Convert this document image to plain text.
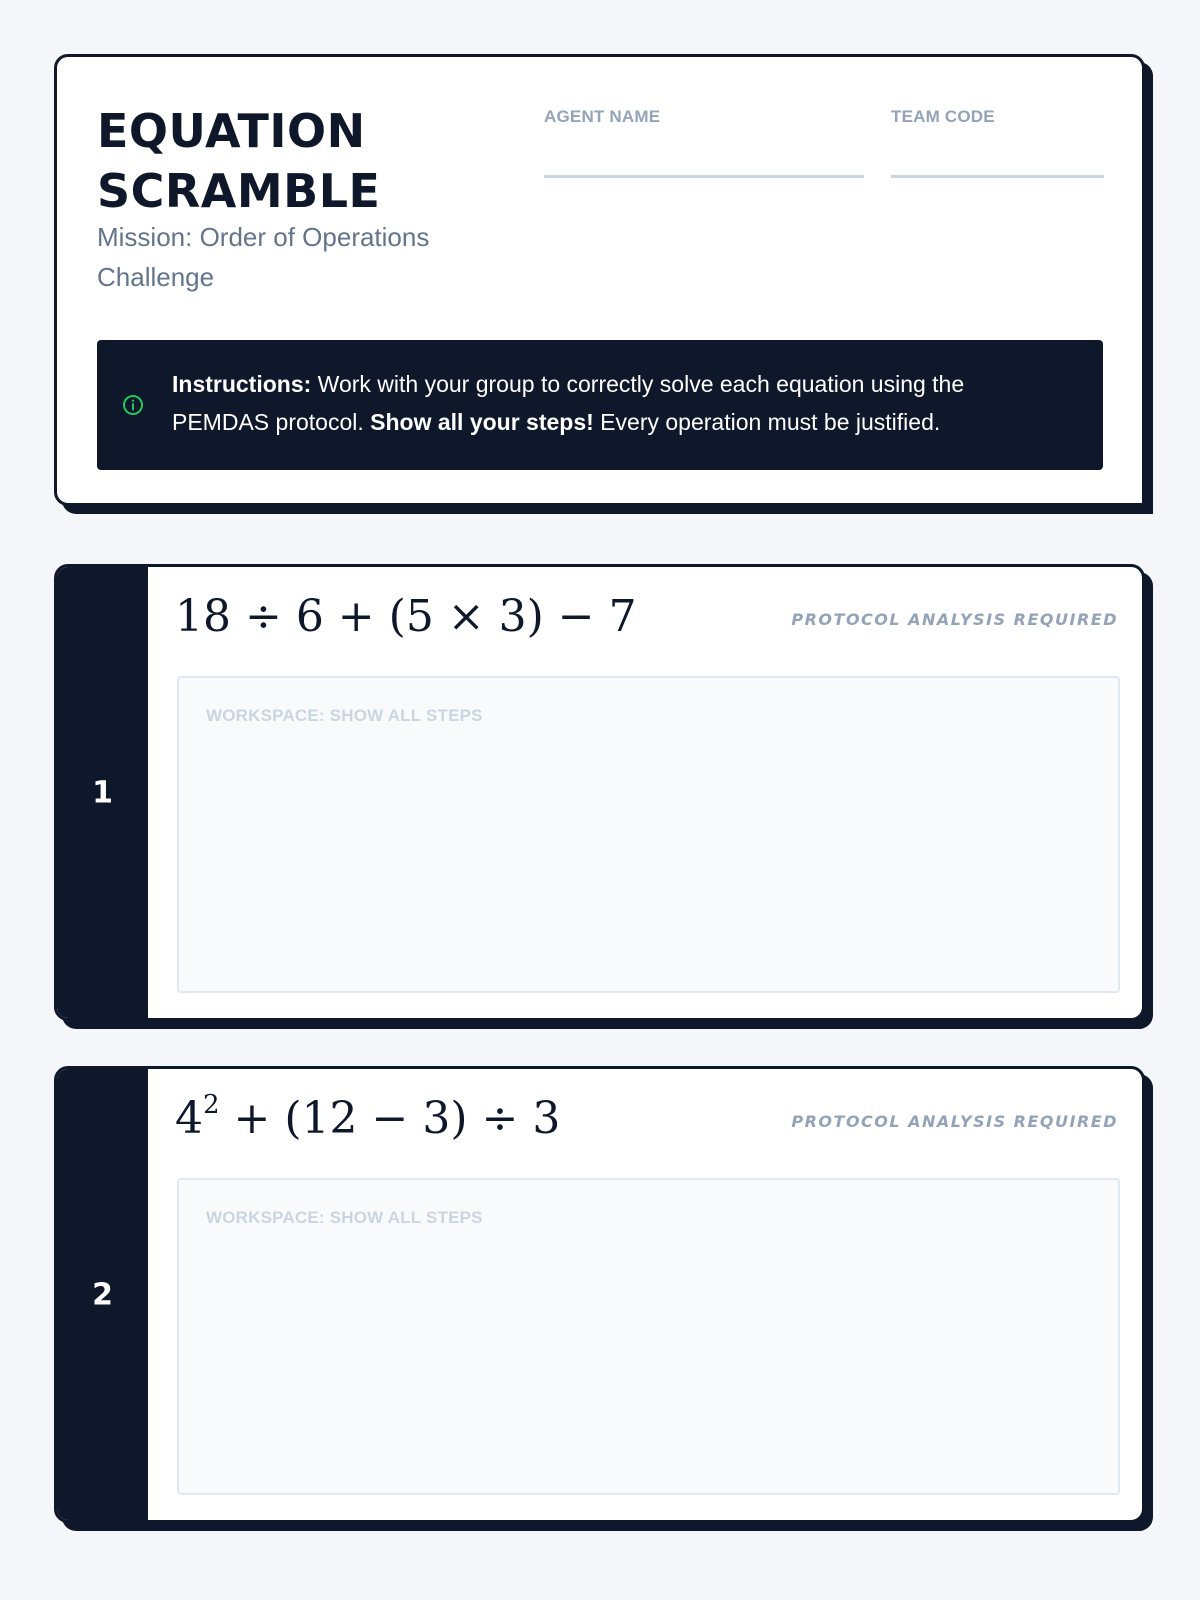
EQUATION
SCRAMBLE
Mission: Order of Operations Challenge
AGENT NAME	TEAM CODE
Instructions: Work with your group to correctly solve each equation using the PEMDAS protocol. Show all your steps! Every operation must be justified.
1
18 ÷ 6 + (5 × 3) − 7	PROTOCOL ANALYSIS REQUIRED
WORKSPACE: SHOW ALL STEPS
2
$4^2 + (12 - 3) \div 3$	PROTOCOL ANALYSIS REQUIRED
WORKSPACE: SHOW ALL STEPS
